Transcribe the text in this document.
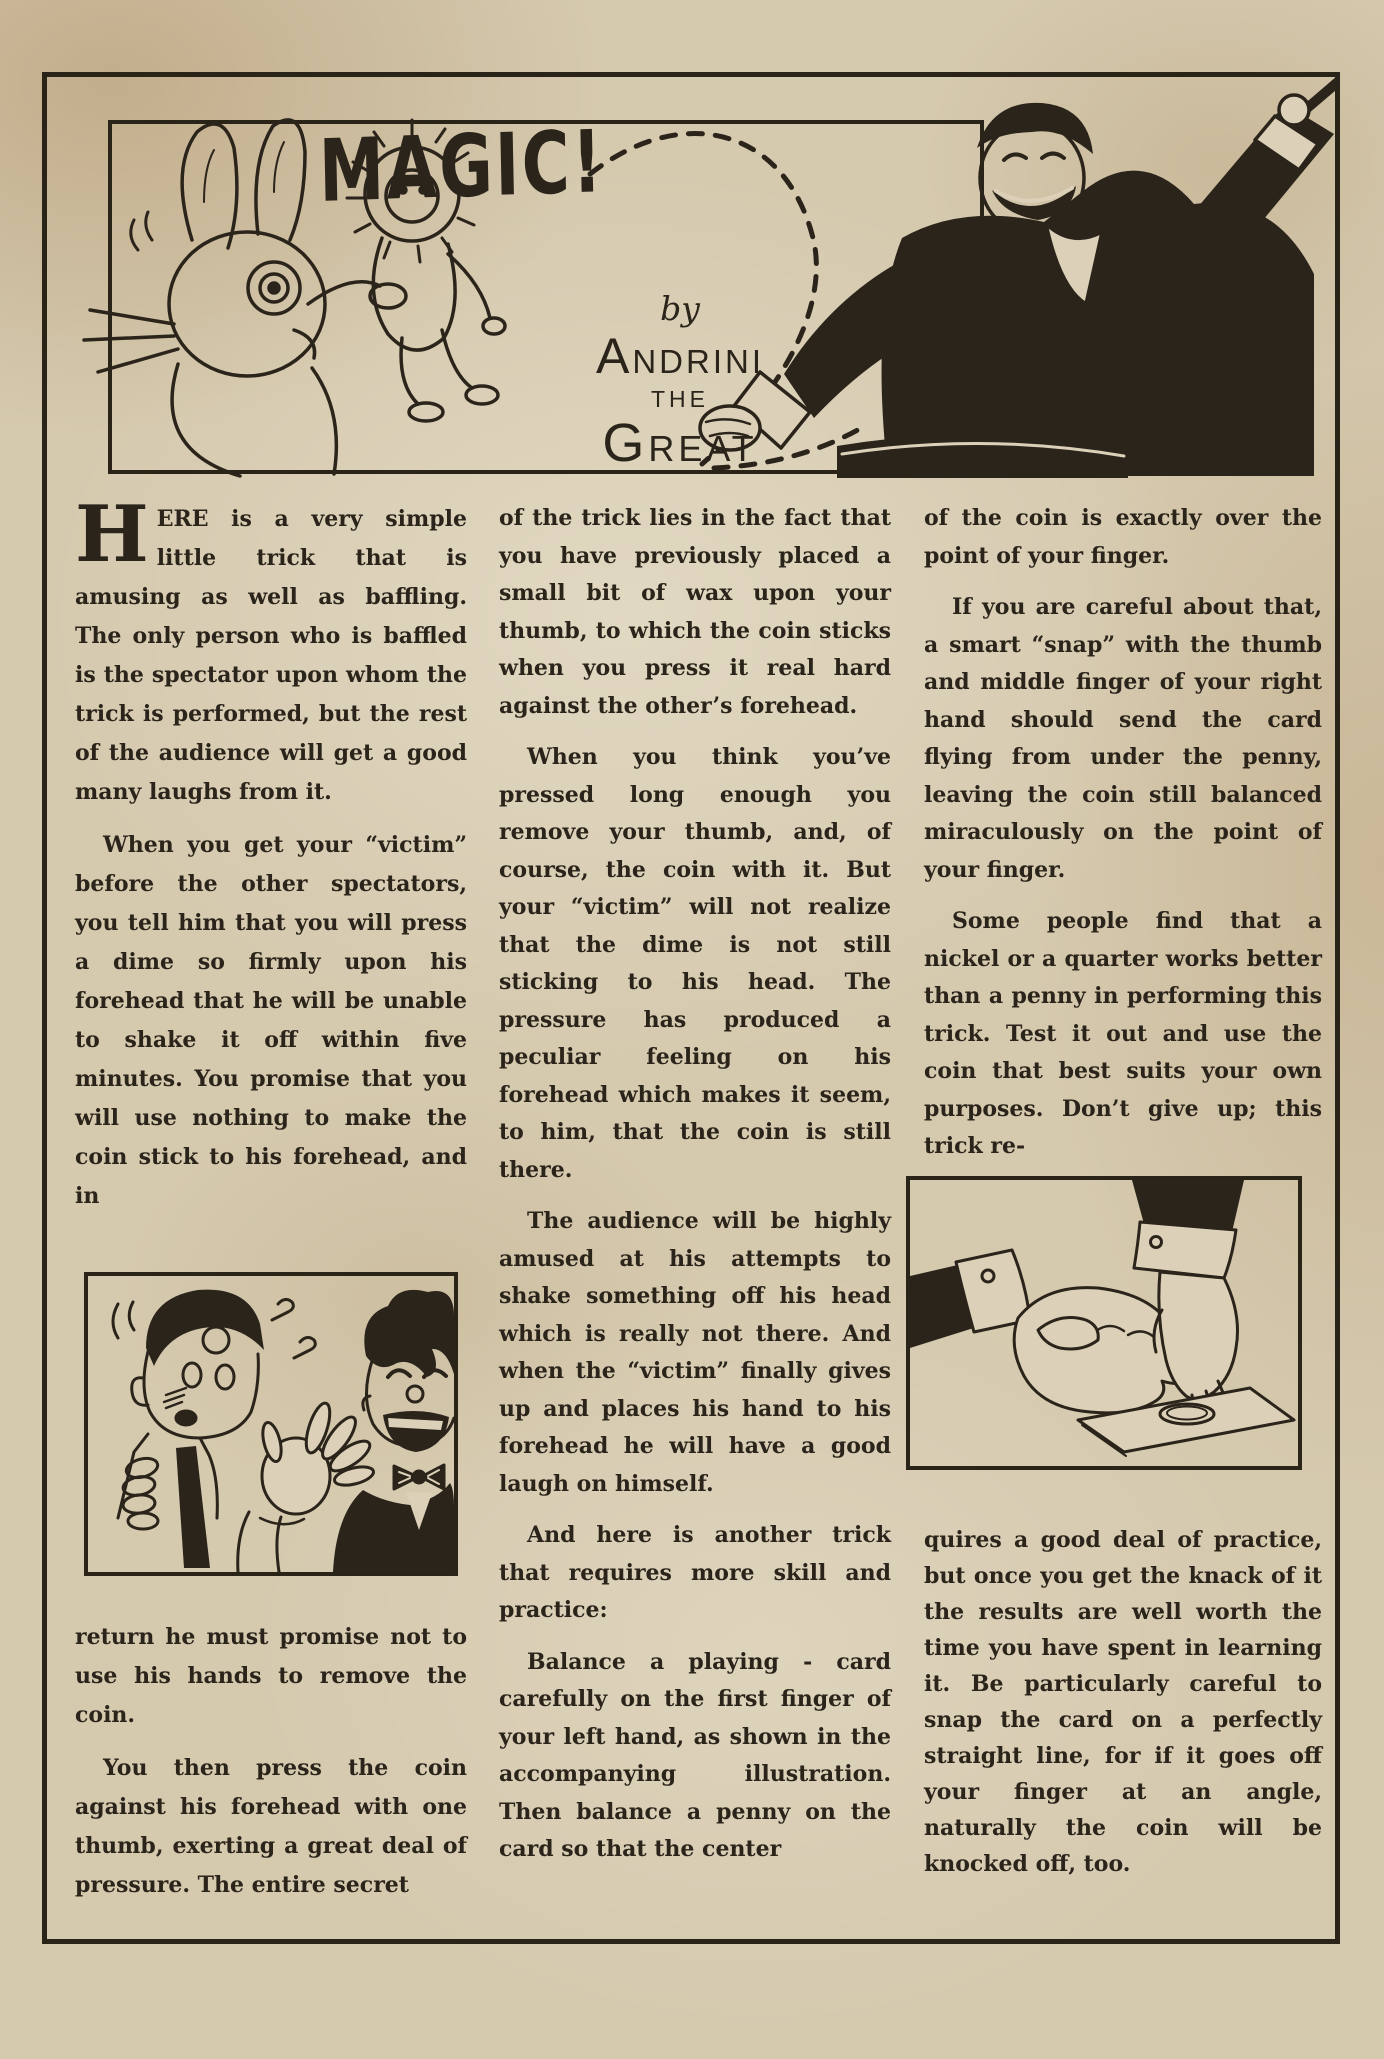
MAGIC!
by
ANDRINI
THE
GREAT

HERE is a very simple little trick that is amusing as well as baffling. The only person who is baffled is the spectator upon whom the trick is performed, but the rest of the audience will get a good many laughs from it.

When you get your “victim” before the other spectators, you tell him that you will press a dime so firmly upon his forehead that he will be unable to shake it off within five minutes. You promise that you will use nothing to make the coin stick to his forehead, and in

return he must promise not to use his hands to remove the coin.

You then press the coin against his forehead with one thumb, exerting a great deal of pressure. The entire secret

of the trick lies in the fact that you have previously placed a small bit of wax upon your thumb, to which the coin sticks when you press it real hard against the other’s forehead.

When you think you’ve pressed long enough you remove your thumb, and, of course, the coin with it. But your “victim” will not realize that the dime is not still sticking to his head. The pressure has produced a peculiar feeling on his forehead which makes it seem, to him, that the coin is still there.

The audience will be highly amused at his attempts to shake something off his head which is really not there. And when the “victim” finally gives up and places his hand to his forehead he will have a good laugh on himself.

And here is another trick that requires more skill and practice:

Balance a playing - card carefully on the first finger of your left hand, as shown in the accompanying illustration. Then balance a penny on the card so that the center

of the coin is exactly over the point of your finger.

If you are careful about that, a smart “snap” with the thumb and middle finger of your right hand should send the card flying from under the penny, leaving the coin still balanced miraculously on the point of your finger.

Some people find that a nickel or a quarter works better than a penny in performing this trick. Test it out and use the coin that best suits your own purposes. Don’t give up; this trick re-

quires a good deal of practice, but once you get the knack of it the results are well worth the time you have spent in learning it. Be particularly careful to snap the card on a perfectly straight line, for if it goes off your finger at an angle, naturally the coin will be knocked off, too.
